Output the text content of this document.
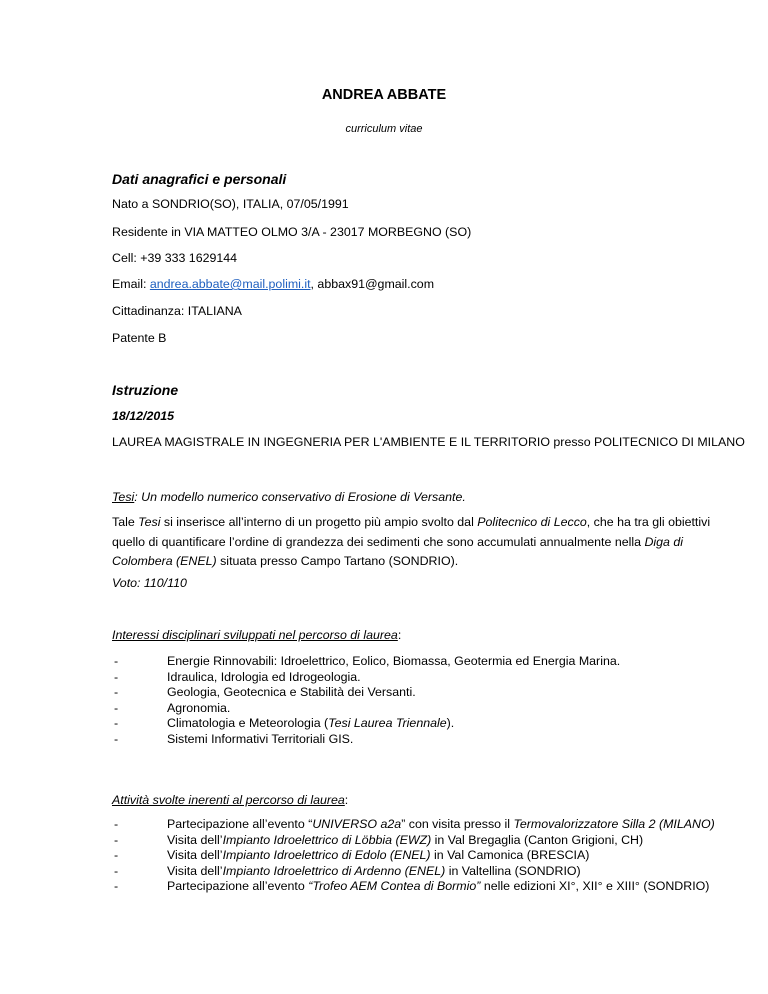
ANDREA ABBATE
curriculum vitae
Dati anagrafici e personali
Nato a SONDRIO(SO), ITALIA, 07/05/1991
Residente in VIA MATTEO OLMO 3/A - 23017 MORBEGNO (SO)
Cell: +39 333 1629144
Email: andrea.abbate@mail.polimi.it, abbax91@gmail.com
Cittadinanza: ITALIANA
Patente B
Istruzione
18/12/2015
LAUREA MAGISTRALE IN INGEGNERIA PER L'AMBIENTE E IL TERRITORIO presso POLITECNICO DI MILANO
Tesi: Un modello numerico conservativo di Erosione di Versante.
Tale Tesi si inserisce all’interno di un progetto più ampio svolto dal Politecnico di Lecco, che ha tra gli obiettivi quello di quantificare l’ordine di grandezza dei sedimenti che sono accumulati annualmente nella Diga di Colombera (ENEL) situata presso Campo Tartano (SONDRIO).
Voto: 110/110
Interessi disciplinari sviluppati nel percorso di laurea:
- Energie Rinnovabili: Idroelettrico, Eolico, Biomassa, Geotermia ed Energia Marina.
- Idraulica, Idrologia ed Idrogeologia.
- Geologia, Geotecnica e Stabilità dei Versanti.
- Agronomia.
- Climatologia e Meteorologia (Tesi Laurea Triennale).
- Sistemi Informativi Territoriali GIS.
Attività svolte inerenti al percorso di laurea:
- Partecipazione all’evento “UNIVERSO a2a” con visita presso il Termovalorizzatore Silla 2 (MILANO)
- Visita dell’Impianto Idroelettrico di Löbbia (EWZ) in Val Bregaglia (Canton Grigioni, CH)
- Visita dell’Impianto Idroelettrico di Edolo (ENEL) in Val Camonica (BRESCIA)
- Visita dell’Impianto Idroelettrico di Ardenno (ENEL) in Valtellina (SONDRIO)
- Partecipazione all’evento “Trofeo AEM Contea di Bormio” nelle edizioni XI°, XII° e XIII° (SONDRIO)
